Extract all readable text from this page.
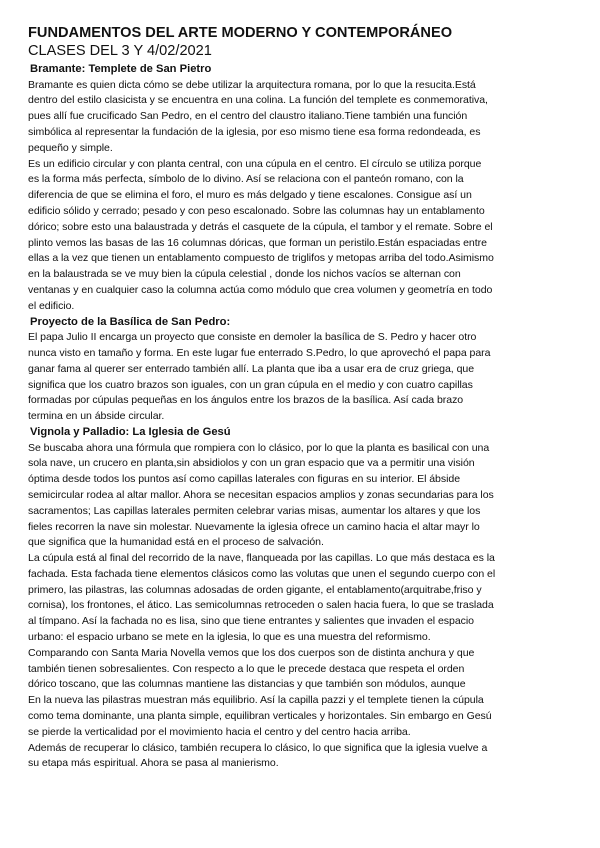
FUNDAMENTOS DEL ARTE MODERNO Y CONTEMPORÁNEO
CLASES DEL 3 Y 4/02/2021
Bramante: Templete de San Pietro
Bramante es quien dicta cómo se debe utilizar la arquitectura romana, por lo que la resucita.Está
dentro del estilo clasicista y se encuentra en una colina. La función del templete es conmemorativa,
pues allí fue crucificado San Pedro, en el centro del claustro italiano.Tiene también una función
simbólica al representar la fundación de la iglesia, por eso mismo tiene esa forma redondeada, es
pequeño y simple.
Es un edificio circular y con planta central, con una cúpula en el centro. El círculo se utiliza porque
es la forma más perfecta, símbolo de lo divino. Así se relaciona con el panteón romano, con la
diferencia de que se elimina el foro, el muro es más delgado y tiene escalones. Consigue así un
edificio sólido y cerrado; pesado y con peso escalonado. Sobre las columnas hay un entablamento
dórico; sobre esto una balaustrada y detrás el casquete de la cúpula, el tambor y el remate. Sobre el
plinto vemos las basas de las 16 columnas dóricas, que forman un peristilo.Están espaciadas entre
ellas a la vez que tienen un entablamento compuesto de triglifos y metopas arriba del todo.Asimismo
en la balaustrada se ve muy bien la cúpula celestial , donde los nichos vacíos se alternan con
ventanas y en cualquier caso la columna actúa como módulo que crea volumen y geometría en todo
el edificio.
Proyecto de la Basílica de San Pedro:
El papa Julio II encarga un proyecto que consiste en demoler la basílica de S. Pedro y hacer otro
nunca visto en tamaño y forma. En este lugar fue enterrado S.Pedro, lo que aprovechó el papa para
ganar fama al querer ser enterrado también allí. La planta que iba a usar era de cruz griega, que
significa que los cuatro brazos son iguales, con un gran cúpula en el medio y con cuatro capillas
formadas por cúpulas pequeñas en los ángulos entre los brazos de la basílica. Así cada brazo
termina en un ábside circular.
Vignola y Palladio: La Iglesia de Gesú
Se buscaba ahora una fórmula que rompiera con lo clásico, por lo que la planta es basilical con una
sola nave, un crucero en planta,sin absidiolos y con un gran espacio que va a permitir una visión
óptima desde todos los puntos así como capillas laterales con figuras en su interior. El ábside
semicircular rodea al altar mallor. Ahora se necesitan espacios amplios y zonas secundarias para los
sacramentos; Las capillas laterales permiten celebrar varias misas, aumentar los altares y que los
fieles recorren la nave sin molestar. Nuevamente la iglesia ofrece un camino hacia el altar mayr lo
que significa que la humanidad está en el proceso de salvación.
La cúpula está al final del recorrido de la nave, flanqueada por las capillas. Lo que más destaca es la
fachada. Esta fachada tiene elementos clásicos como las volutas que unen el segundo cuerpo con el
primero, las pilastras, las columnas adosadas de orden gigante, el entablamento(arquitrabe,friso y
cornisa), los frontones, el ático. Las semicolumnas retroceden o salen hacia fuera, lo que se traslada
al tímpano. Así la fachada no es lisa, sino que tiene entrantes y salientes que invaden el espacio
urbano: el espacio urbano se mete en la iglesia, lo que es una muestra del reformismo.
Comparando con Santa Maria Novella vemos que los dos cuerpos son de distinta anchura y que
también tienen sobresalientes. Con respecto a lo que le precede destaca que respeta el orden
dórico toscano, que las columnas mantiene las distancias y que también son módulos, aunque
En la nueva las pilastras muestran más equilibrio. Así la capilla pazzi y el templete tienen la cúpula
como tema dominante, una planta simple, equilibran verticales y horizontales. Sin embargo en Gesú
se pierde la verticalidad por el movimiento hacia el centro y del centro hacia arriba.
Además de recuperar lo clásico, también recupera lo clásico, lo que significa que la iglesia vuelve a
su etapa más espiritual. Ahora se pasa al manierismo.
